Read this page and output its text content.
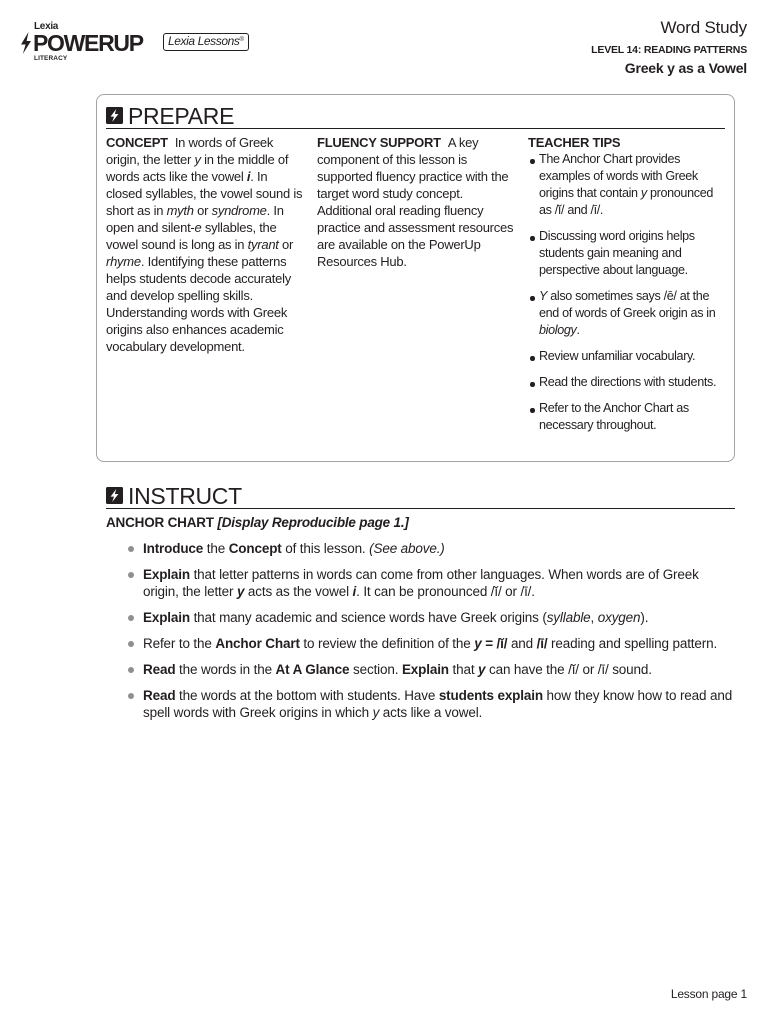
Lexia
POWERUP
LITERACY
Lexia Lessons®
Word Study
LEVEL 14: READING PATTERNS
Greek y as a Vowel
PREPARE
CONCEPT In words of Greek origin, the letter y in the middle of words acts like the vowel i. In closed syllables, the vowel sound is short as in myth or syndrome. In open and silent-e syllables, the vowel sound is long as in tyrant or rhyme. Identifying these patterns helps students decode accurately and develop spelling skills. Understanding words with Greek origins also enhances academic vocabulary development.
FLUENCY SUPPORT A key component of this lesson is supported fluency practice with the target word study concept. Additional oral reading fluency practice and assessment resources are available on the PowerUp Resources Hub.
TEACHER TIPS
The Anchor Chart provides examples of words with Greek origins that contain y pronounced as /ĭ/ and /ī/.
Discussing word origins helps students gain meaning and perspective about language.
Y also sometimes says /ē/ at the end of words of Greek origin as in biology.
Review unfamiliar vocabulary.
Read the directions with students.
Refer to the Anchor Chart as necessary throughout.
INSTRUCT
ANCHOR CHART [Display Reproducible page 1.]
Introduce the Concept of this lesson. (See above.)
Explain that letter patterns in words can come from other languages. When words are of Greek origin, the letter y acts as the vowel i. It can be pronounced /ĭ/ or /ī/.
Explain that many academic and science words have Greek origins (syllable, oxygen).
Refer to the Anchor Chart to review the definition of the y = /ĭ/ and /ī/ reading and spelling pattern.
Read the words in the At A Glance section. Explain that y can have the /ĭ/ or /ī/ sound.
Read the words at the bottom with students. Have students explain how they know how to read and spell words with Greek origins in which y acts like a vowel.
Lesson page 1
